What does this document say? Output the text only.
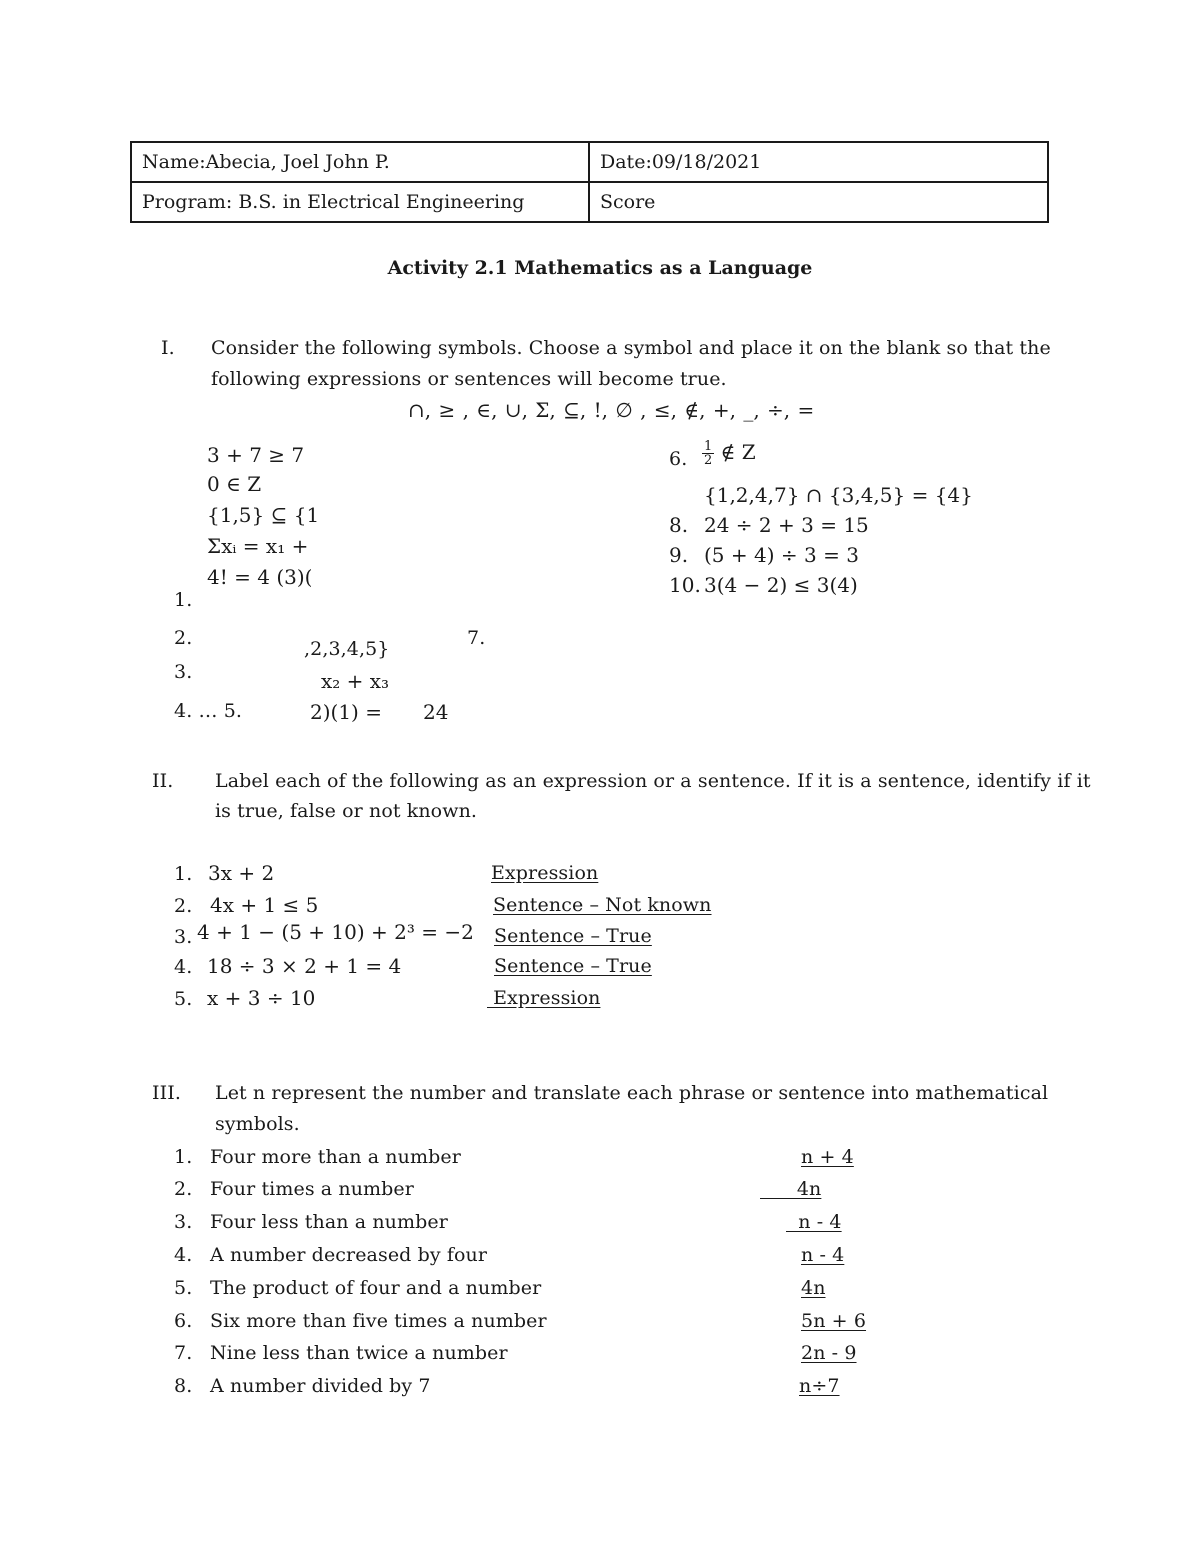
Name:Abecia, Joel John P.	Date:09/18/2021
Program: B.S. in Electrical Engineering	Score
Activity 2.1 Mathematics as a Language
I. Consider the following symbols. Choose a symbol and place it on the blank so that the
following expressions or sentences will become true.
∩, ≥ , ∈, ∪, Σ, ⊆, !, ∅ , ≤, ∉, +, _, ÷, =
3 + 7 ≥ 7
0 ∈ Z
{1,5} ⊆ {1
Σxᵢ = x₁ +
4! = 4 (3)(
1.
2.
3.
4. … 5.
,2,3,4,5}
x₂ + x₃
2)(1) = 24
7.
6. $\frac{1}{2}$ ∉ Z
{1,2,4,7} ∩ {3,4,5} = {4}
8. 24 ÷ 2 + 3 = 15
9. (5 + 4) ÷ 3 = 3
10. 3(4 − 2) ≤ 3(4)
II. Label each of the following as an expression or a sentence. If it is a sentence, identify if it
is true, false or not known.
1. 3x + 2	Expression
2. 4x + 1 ≤ 5	Sentence – Not known
3. 4 + 1 − (5 + 10) + 2³ = −2 Sentence – True
4. 18 ÷ 3 × 2 + 1 = 4	Sentence – True
5. x + 3 ÷ 10	Expression
III. Let n represent the number and translate each phrase or sentence into mathematical
symbols.
1. Four more than a number	n + 4
2. Four times a number	4n
3. Four less than a number	n - 4
4. A number decreased by four	n - 4
5. The product of four and a number	4n
6. Six more than five times a number	5n + 6
7. Nine less than twice a number	2n - 9
8. A number divided by 7	n÷7
